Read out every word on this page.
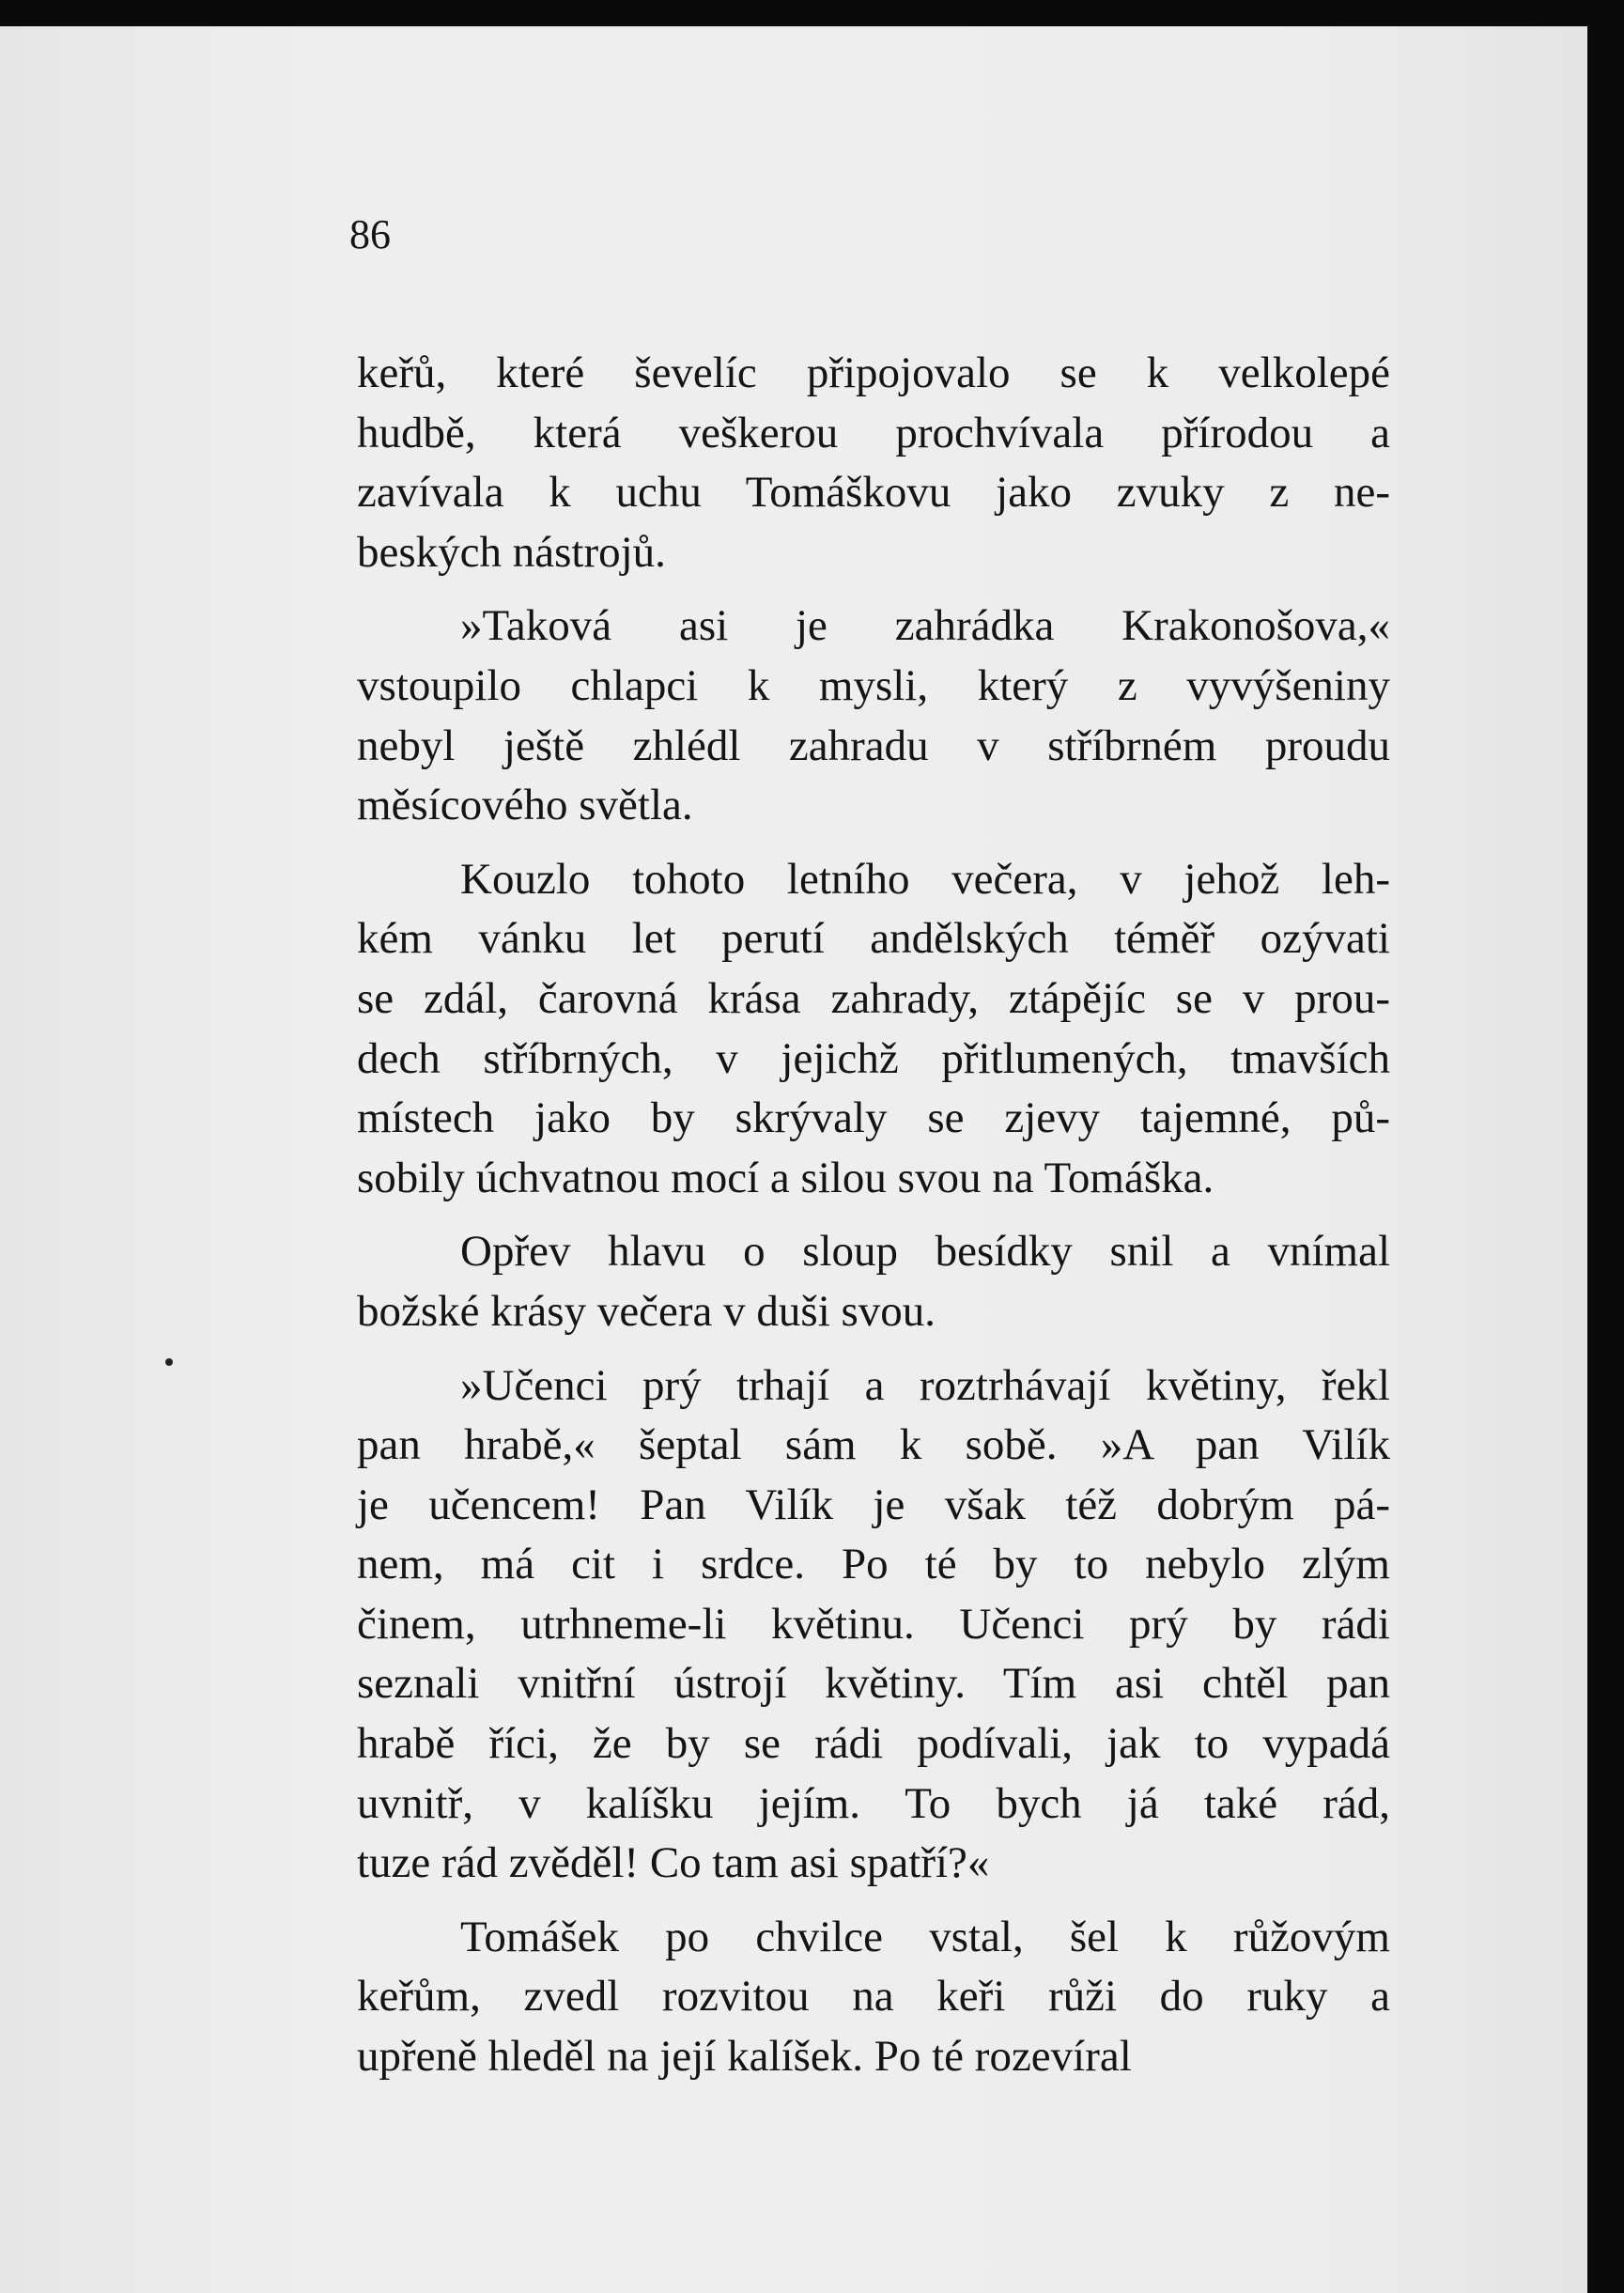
86

keřů, které ševelíc připojovalo se k velkolepé
hudbě, která veškerou prochvívala přírodou a
zavívala k uchu Tomáškovu jako zvuky z ne-
beských nástrojů.
»Taková asi je zahrádka Krakonošova,«
vstoupilo chlapci k mysli, který z vyvýšeniny
nebyl ještě zhlédl zahradu v stříbrném proudu
měsícového světla.
Kouzlo tohoto letního večera, v jehož leh-
kém vánku let perutí andělských téměř ozývati
se zdál, čarovná krása zahrady, ztápějíc se v prou-
dech stříbrných, v jejichž přitlumených, tmavších
místech jako by skrývaly se zjevy tajemné, pů-
sobily úchvatnou mocí a silou svou na Tomáška.
Opřev hlavu o sloup besídky snil a vnímal
božské krásy večera v duši svou.
»Učenci prý trhají a roztrhávají květiny, řekl
pan hrabě,« šeptal sám k sobě. »A pan Vilík
je učencem! Pan Vilík je však též dobrým pá-
nem, má cit i srdce. Po té by to nebylo zlým
činem, utrhneme-li květinu. Učenci prý by rádi
seznali vnitřní ústrojí květiny. Tím asi chtěl pan
hrabě říci, že by se rádi podívali, jak to vypadá
uvnitř, v kalíšku jejím. To bych já také rád,
tuze rád zvěděl! Co tam asi spatří?«
Tomášek po chvilce vstal, šel k růžovým
keřům, zvedl rozvitou na keři růži do ruky a
upřeně hleděl na její kalíšek. Po té rozevíral
